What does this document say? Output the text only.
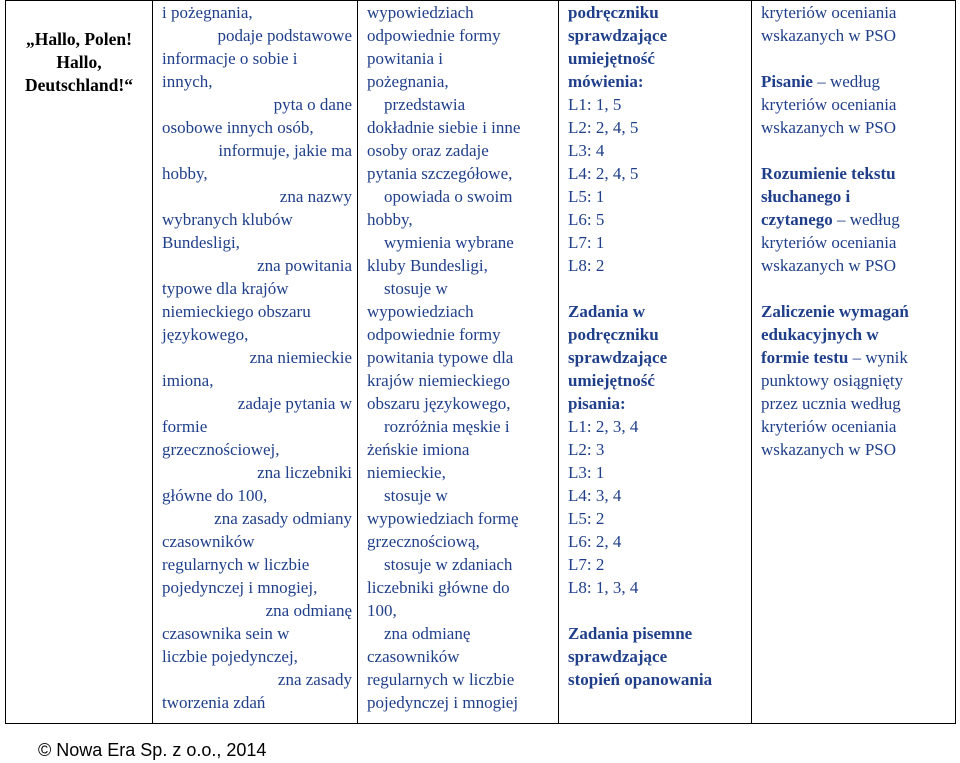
„Hallo, Polen!
Hallo,
Deutschland!“

i pożegnania,
podaje podstawowe
informacje o sobie i
innych,
pyta o dane
osobowe innych osób,
informuje, jakie ma
hobby,
zna nazwy
wybranych klubów
Bundesligi,
zna powitania
typowe dla krajów
niemieckiego obszaru
językowego,
zna niemieckie
imiona,
zadaje pytania w
formie
grzecznościowej,
zna liczebniki
główne do 100,
zna zasady odmiany
czasowników
regularnych w liczbie
pojedynczej i mnogiej,
zna odmianę
czasownika sein w
liczbie pojedynczej,
zna zasady
tworzenia zdań

wypowiedziach
odpowiednie formy
powitania i
pożegnania,
przedstawia
dokładnie siebie i inne
osoby oraz zadaje
pytania szczegółowe,
opowiada o swoim
hobby,
wymienia wybrane
kluby Bundesligi,
stosuje w
wypowiedziach
odpowiednie formy
powitania typowe dla
krajów niemieckiego
obszaru językowego,
rozróżnia męskie i
żeńskie imiona
niemieckie,
stosuje w
wypowiedziach formę
grzecznościową,
stosuje w zdaniach
liczebniki główne do
100,
zna odmianę
czasowników
regularnych w liczbie
pojedynczej i mnogiej

podręczniku
sprawdzające
umiejętność
mówienia:
L1: 1, 5
L2: 2, 4, 5
L3: 4
L4: 2, 4, 5
L5: 1
L6: 5
L7: 1
L8: 2
Zadania w
podręczniku
sprawdzające
umiejętność
pisania:
L1: 2, 3, 4
L2: 3
L3: 1
L4: 3, 4
L5: 2
L6: 2, 4
L7: 2
L8: 1, 3, 4
Zadania pisemne
sprawdzające
stopień opanowania

kryteriów oceniania
wskazanych w PSO
Pisanie – według
kryteriów oceniania
wskazanych w PSO
Rozumienie tekstu
słuchanego i
czytanego – według
kryteriów oceniania
wskazanych w PSO
Zaliczenie wymagań
edukacyjnych w
formie testu – wynik
punktowy osiągnięty
przez ucznia według
kryteriów oceniania
wskazanych w PSO
© Nowa Era Sp. z o.o., 2014
